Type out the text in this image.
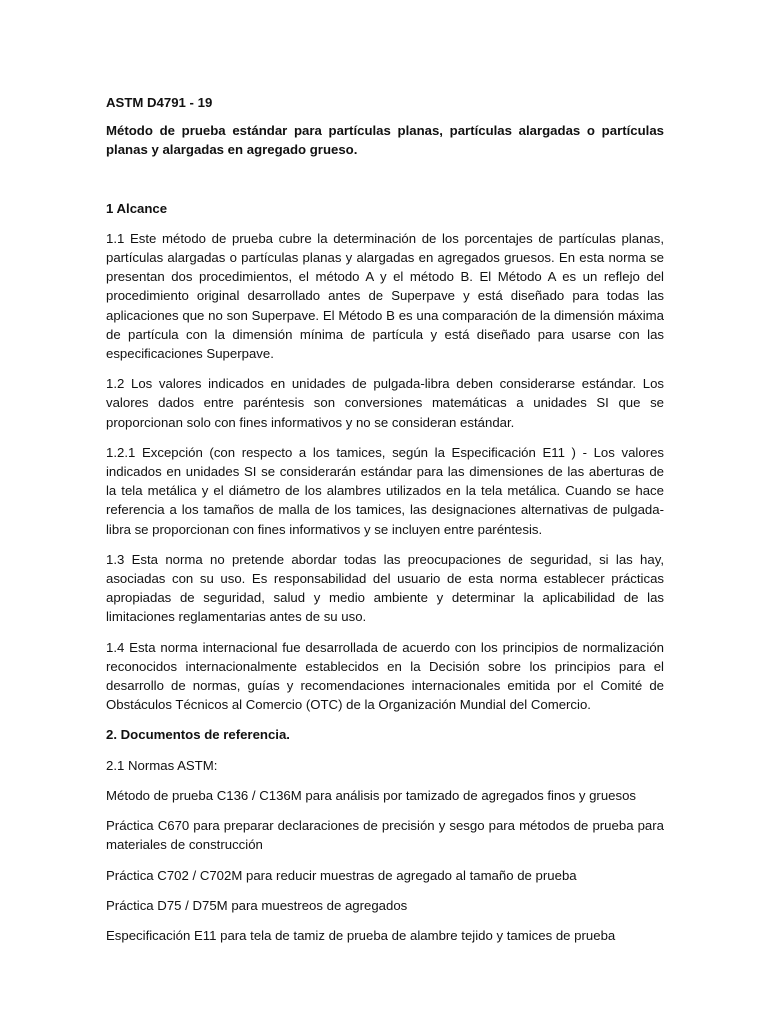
ASTM D4791 - 19

Método de prueba estándar para partículas planas, partículas alargadas o partículas planas y alargadas en agregado grueso.

1 Alcance

1.1 Este método de prueba cubre la determinación de los porcentajes de partículas planas, partículas alargadas o partículas planas y alargadas en agregados gruesos. En esta norma se presentan dos procedimientos, el método A y el método B. El Método A es un reflejo del procedimiento original desarrollado antes de Superpave y está diseñado para todas las aplicaciones que no son Superpave. El Método B es una comparación de la dimensión máxima de partícula con la dimensión mínima de partícula y está diseñado para usarse con las especificaciones Superpave.

1.2 Los valores indicados en unidades de pulgada-libra deben considerarse estándar. Los valores dados entre paréntesis son conversiones matemáticas a unidades SI que se proporcionan solo con fines informativos y no se consideran estándar.

1.2.1 Excepción (con respecto a los tamices, según la Especificación E11 ) - Los valores indicados en unidades SI se considerarán estándar para las dimensiones de las aberturas de la tela metálica y el diámetro de los alambres utilizados en la tela metálica. Cuando se hace referencia a los tamaños de malla de los tamices, las designaciones alternativas de pulgada-libra se proporcionan con fines informativos y se incluyen entre paréntesis.

1.3 Esta norma no pretende abordar todas las preocupaciones de seguridad, si las hay, asociadas con su uso. Es responsabilidad del usuario de esta norma establecer prácticas apropiadas de seguridad, salud y medio ambiente y determinar la aplicabilidad de las limitaciones reglamentarias antes de su uso.

1.4 Esta norma internacional fue desarrollada de acuerdo con los principios de normalización reconocidos internacionalmente establecidos en la Decisión sobre los principios para el desarrollo de normas, guías y recomendaciones internacionales emitida por el Comité de Obstáculos Técnicos al Comercio (OTC) de la Organización Mundial del Comercio.

2. Documentos de referencia.

2.1 Normas ASTM:

Método de prueba C136 / C136M para análisis por tamizado de agregados finos y gruesos

Práctica C670 para preparar declaraciones de precisión y sesgo para métodos de prueba para materiales de construcción

Práctica C702 / C702M para reducir muestras de agregado al tamaño de prueba

Práctica D75 / D75M para muestreos de agregados

Especificación E11 para tela de tamiz de prueba de alambre tejido y tamices de prueba
